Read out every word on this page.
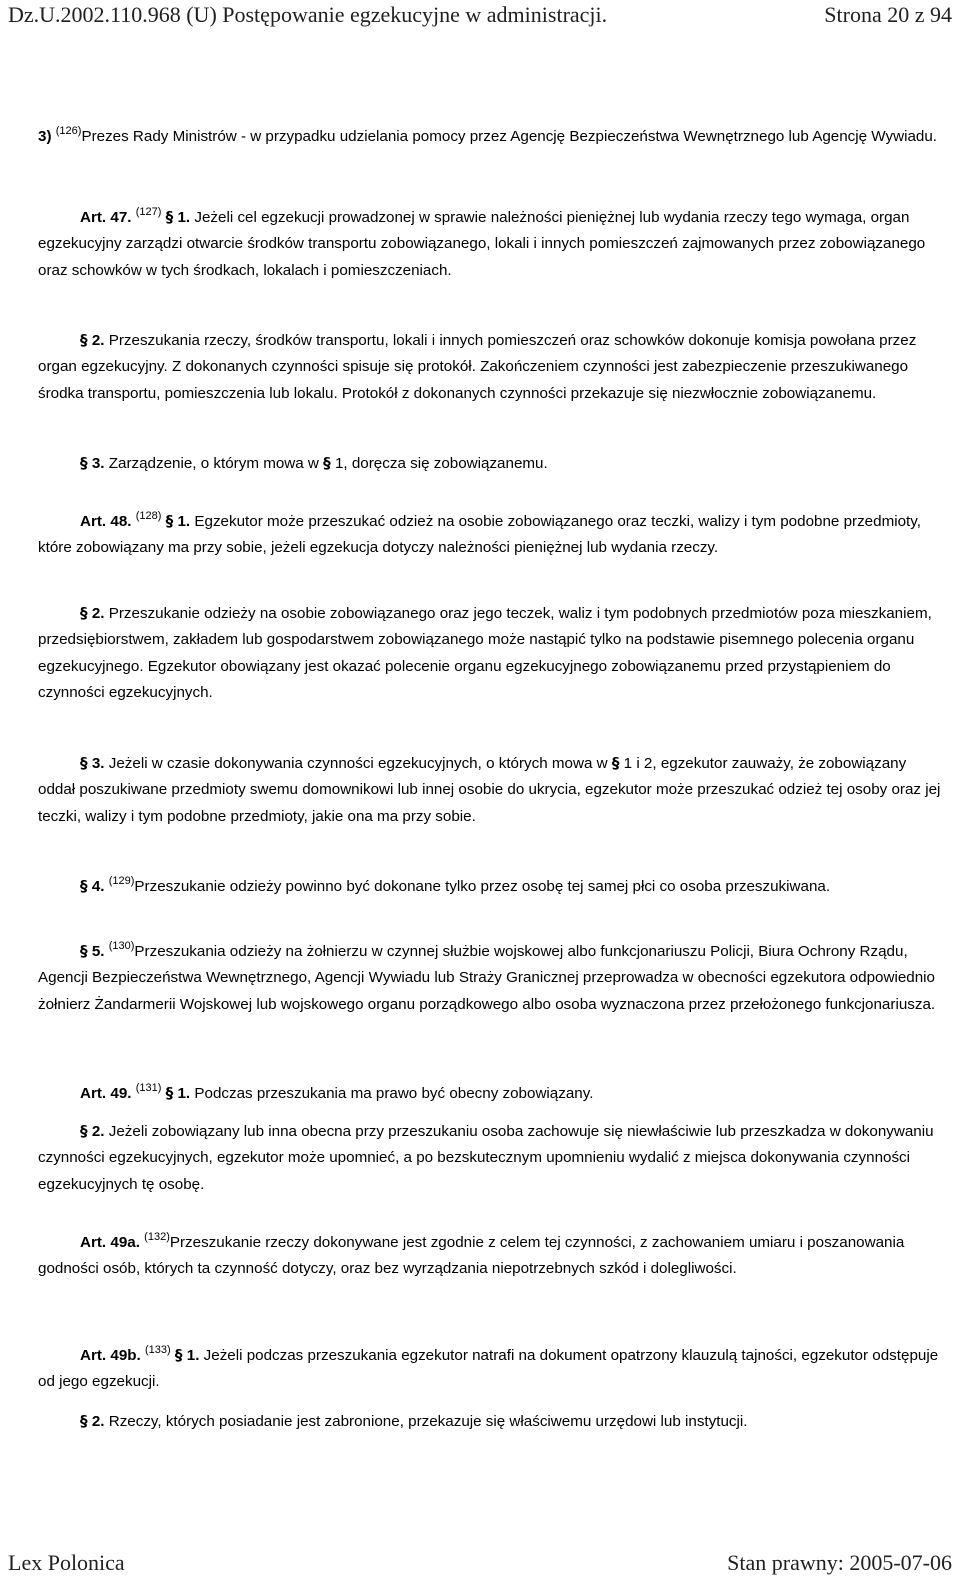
Dz.U.2002.110.968 (U) Postępowanie egzekucyjne w administracji.	Strona 20 z 94

3) $^{(126)}$Prezes Rady Ministrów - w przypadku udzielania pomocy przez Agencję Bezpieczeństwa Wewnętrznego lub Agencję Wywiadu.

Art. 47. $^{(127)}$ § 1. Jeżeli cel egzekucji prowadzonej w sprawie należności pieniężnej lub wydania rzeczy tego wymaga, organ egzekucyjny zarządzi otwarcie środków transportu zobowiązanego, lokali i innych pomieszczeń zajmowanych przez zobowiązanego oraz schowków w tych środkach, lokalach i pomieszczeniach.

§ 2. Przeszukania rzeczy, środków transportu, lokali i innych pomieszczeń oraz schowków dokonuje komisja powołana przez organ egzekucyjny. Z dokonanych czynności spisuje się protokół. Zakończeniem czynności jest zabezpieczenie przeszukiwanego środka transportu, pomieszczenia lub lokalu. Protokół z dokonanych czynności przekazuje się niezwłocznie zobowiązanemu.

§ 3. Zarządzenie, o którym mowa w § 1, doręcza się zobowiązanemu.

Art. 48. $^{(128)}$ § 1. Egzekutor może przeszukać odzież na osobie zobowiązanego oraz teczki, walizy i tym podobne przedmioty, które zobowiązany ma przy sobie, jeżeli egzekucja dotyczy należności pieniężnej lub wydania rzeczy.

§ 2. Przeszukanie odzieży na osobie zobowiązanego oraz jego teczek, waliz i tym podobnych przedmiotów poza mieszkaniem, przedsiębiorstwem, zakładem lub gospodarstwem zobowiązanego może nastąpić tylko na podstawie pisemnego polecenia organu egzekucyjnego. Egzekutor obowiązany jest okazać polecenie organu egzekucyjnego zobowiązanemu przed przystąpieniem do czynności egzekucyjnych.

§ 3. Jeżeli w czasie dokonywania czynności egzekucyjnych, o których mowa w § 1 i 2, egzekutor zauważy, że zobowiązany oddał poszukiwane przedmioty swemu domownikowi lub innej osobie do ukrycia, egzekutor może przeszukać odzież tej osoby oraz jej teczki, walizy i tym podobne przedmioty, jakie ona ma przy sobie.

§ 4. $^{(129)}$Przeszukanie odzieży powinno być dokonane tylko przez osobę tej samej płci co osoba przeszukiwana.

§ 5. $^{(130)}$Przeszukania odzieży na żołnierzu w czynnej służbie wojskowej albo funkcjonariuszu Policji, Biura Ochrony Rządu, Agencji Bezpieczeństwa Wewnętrznego, Agencji Wywiadu lub Straży Granicznej przeprowadza w obecności egzekutora odpowiednio żołnierz Żandarmerii Wojskowej lub wojskowego organu porządkowego albo osoba wyznaczona przez przełożonego funkcjonariusza.

Art. 49. $^{(131)}$ § 1. Podczas przeszukania ma prawo być obecny zobowiązany.

§ 2. Jeżeli zobowiązany lub inna obecna przy przeszukaniu osoba zachowuje się niewłaściwie lub przeszkadza w dokonywaniu czynności egzekucyjnych, egzekutor może upomnieć, a po bezskutecznym upomnieniu wydalić z miejsca dokonywania czynności egzekucyjnych tę osobę.

Art. 49a. $^{(132)}$Przeszukanie rzeczy dokonywane jest zgodnie z celem tej czynności, z zachowaniem umiaru i poszanowania godności osób, których ta czynność dotyczy, oraz bez wyrządzania niepotrzebnych szkód i dolegliwości.

Art. 49b. $^{(133)}$ § 1. Jeżeli podczas przeszukania egzekutor natrafi na dokument opatrzony klauzulą tajności, egzekutor odstępuje od jego egzekucji.

§ 2. Rzeczy, których posiadanie jest zabronione, przekazuje się właściwemu urzędowi lub instytucji.

Lex Polonica	Stan prawny: 2005-07-06
